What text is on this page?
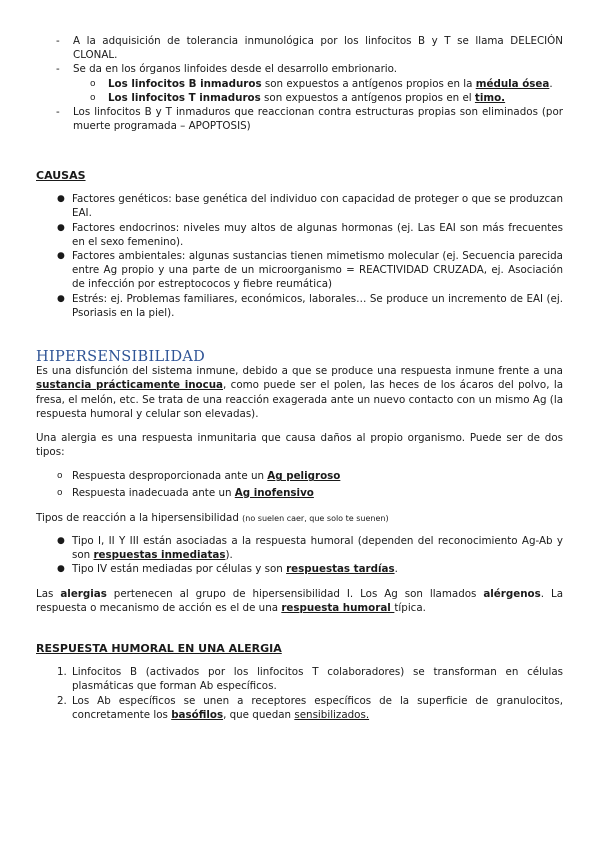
- A la adquisición de tolerancia inmunológica por los linfocitos B y T se llama DELECIÓN CLONAL.
- Se da en los órganos linfoides desde el desarrollo embrionario.
o Los linfocitos B inmaduros son expuestos a antígenos propios en la médula ósea.
o Los linfocitos T inmaduros son expuestos a antígenos propios en el timo.
- Los linfocitos B y T inmaduros que reaccionan contra estructuras propias son eliminados (por muerte programada – APOPTOSIS)
CAUSAS
● Factores genéticos: base genética del individuo con capacidad de proteger o que se produzcan EAI.
● Factores endocrinos: niveles muy altos de algunas hormonas (ej. Las EAI son más frecuentes en el sexo femenino).
● Factores ambientales: algunas sustancias tienen mimetismo molecular (ej. Secuencia parecida entre Ag propio y una parte de un microorganismo = REACTIVIDAD CRUZADA, ej. Asociación de infección por estreptococos y fiebre reumática)
● Estrés: ej. Problemas familiares, económicos, laborales… Se produce un incremento de EAI (ej. Psoriasis en la piel).
HIPERSENSIBILIDAD
Es una disfunción del sistema inmune, debido a que se produce una respuesta inmune frente a una sustancia prácticamente inocua, como puede ser el polen, las heces de los ácaros del polvo, la fresa, el melón, etc. Se trata de una reacción exagerada ante un nuevo contacto con un mismo Ag (la respuesta humoral y celular son elevadas).
Una alergia es una respuesta inmunitaria que causa daños al propio organismo. Puede ser de dos tipos:
o Respuesta desproporcionada ante un Ag peligroso
o Respuesta inadecuada ante un Ag inofensivo
Tipos de reacción a la hipersensibilidad (no suelen caer, que solo te suenen)
● Tipo I, II Y III están asociadas a la respuesta humoral (dependen del reconocimiento Ag-Ab y son respuestas inmediatas).
● Tipo IV están mediadas por células y son respuestas tardías.
Las alergias pertenecen al grupo de hipersensibilidad I. Los Ag son llamados alérgenos. La respuesta o mecanismo de acción es el de una respuesta humoral típica.
RESPUESTA HUMORAL EN UNA ALERGIA
1. Linfocitos B (activados por los linfocitos T colaboradores) se transforman en células plasmáticas que forman Ab específicos.
2. Los Ab específicos se unen a receptores específicos de la superficie de granulocitos, concretamente los basófilos, que quedan sensibilizados.
